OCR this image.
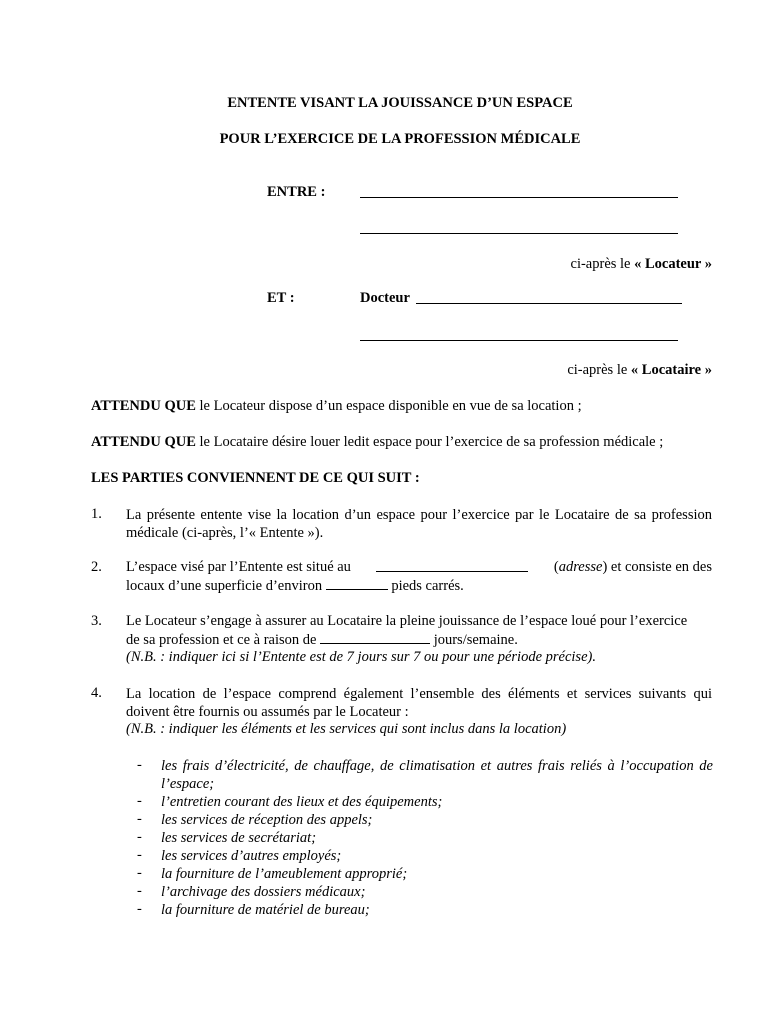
ENTENTE VISANT LA JOUISSANCE D’UN ESPACE
POUR L’EXERCICE DE LA PROFESSION MÉDICALE
ENTRE :
ci-après le « Locateur »
ET :	Docteur
ci-après le « Locataire »
ATTENDU QUE le Locateur dispose d’un espace disponible en vue de sa location ;
ATTENDU QUE le Locataire désire louer ledit espace pour l’exercice de sa profession médicale ;
LES PARTIES CONVIENNENT DE CE QUI SUIT :
1. La présente entente vise la location d’un espace pour l’exercice par le Locataire de sa profession médicale (ci-après, l’« Entente »).
2. L’espace visé par l’Entente est situé au	(adresse) et consiste en des
locaux d’une superficie d’environ	pieds carrés.
3. Le Locateur s’engage à assurer au Locataire la pleine jouissance de l’espace loué pour l’exercice
de sa profession et ce à raison de	jours/semaine.
(N.B. : indiquer ici si l’Entente est de 7 jours sur 7 ou pour une période précise).
4. La location de l’espace comprend également l’ensemble des éléments et services suivants qui doivent être fournis ou assumés par le Locateur :
(N.B. : indiquer les éléments et les services qui sont inclus dans la location)
- les frais d’électricité, de chauffage, de climatisation et autres frais reliés à l’occupation de l’espace;
- l’entretien courant des lieux et des équipements;
- les services de réception des appels;
- les services de secrétariat;
- les services d’autres employés;
- la fourniture de l’ameublement approprié;
- l’archivage des dossiers médicaux;
- la fourniture de matériel de bureau;
